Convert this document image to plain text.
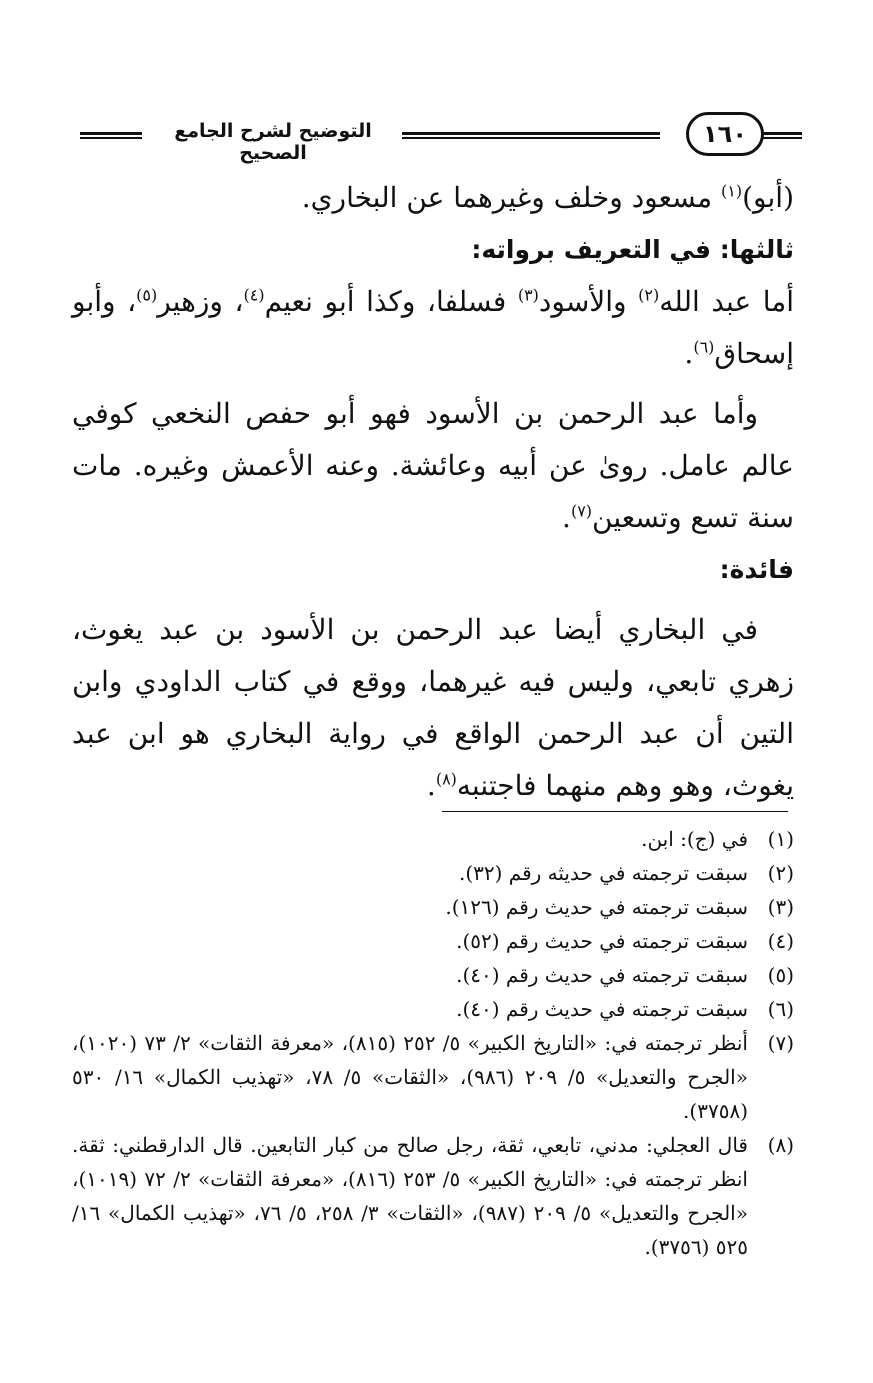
التوضيح لشرح الجامع الصحيح
١٦٠

(أبو)$^{(١)}$ مسعود وخلف وغيرهما عن البخاري.

ثالثها: في التعريف برواته:

أما عبد الله$^{(٢)}$ والأسود$^{(٣)}$ فسلفا، وكذا أبو نعيم$^{(٤)}$، وزهير$^{(٥)}$، وأبو إسحاق$^{(٦)}$.

وأما عبد الرحمن بن الأسود فهو أبو حفص النخعي كوفي عالم عامل. روىٰ عن أبيه وعائشة. وعنه الأعمش وغيره. مات سنة تسع وتسعين$^{(٧)}$.

فائدة:

في البخاري أيضا عبد الرحمن بن الأسود بن عبد يغوث، زهري تابعي، وليس فيه غيرهما، ووقع في كتاب الداودي وابن التين أن عبد الرحمن الواقع في رواية البخاري هو ابن عبد يغوث، وهو وهم منهما فاجتنبه$^{(٨)}$.

(١)
في (ج): ابن.
(٢)
سبقت ترجمته في حديثه رقم (٣٢).
(٣)
سبقت ترجمته في حديث رقم (١٢٦).
(٤)
سبقت ترجمته في حديث رقم (٥٢).
(٥)
سبقت ترجمته في حديث رقم (٤٠).
(٦)
سبقت ترجمته في حديث رقم (٤٠).
(٧)
أنظر ترجمته في: «التاريخ الكبير» ٥/ ٢٥٢ (٨١٥)، «معرفة الثقات» ٢/ ٧٣ (١٠٢٠)، «الجرح والتعديل» ٥/ ٢٠٩ (٩٨٦)، «الثقات» ٥/ ٧٨، «تهذيب الكمال» ١٦/ ٥٣٠ (٣٧٥٨).
(٨)
قال العجلي: مدني، تابعي، ثقة، رجل صالح من كبار التابعين. قال الدارقطني: ثقة. انظر ترجمته في: «التاريخ الكبير» ٥/ ٢٥٣ (٨١٦)، «معرفة الثقات» ٢/ ٧٢ (١٠١٩)، «الجرح والتعديل» ٥/ ٢٠٩ (٩٨٧)، «الثقات» ٣/ ٢٥٨، ٥/ ٧٦، «تهذيب الكمال» ١٦/ ٥٢٥ (٣٧٥٦).
